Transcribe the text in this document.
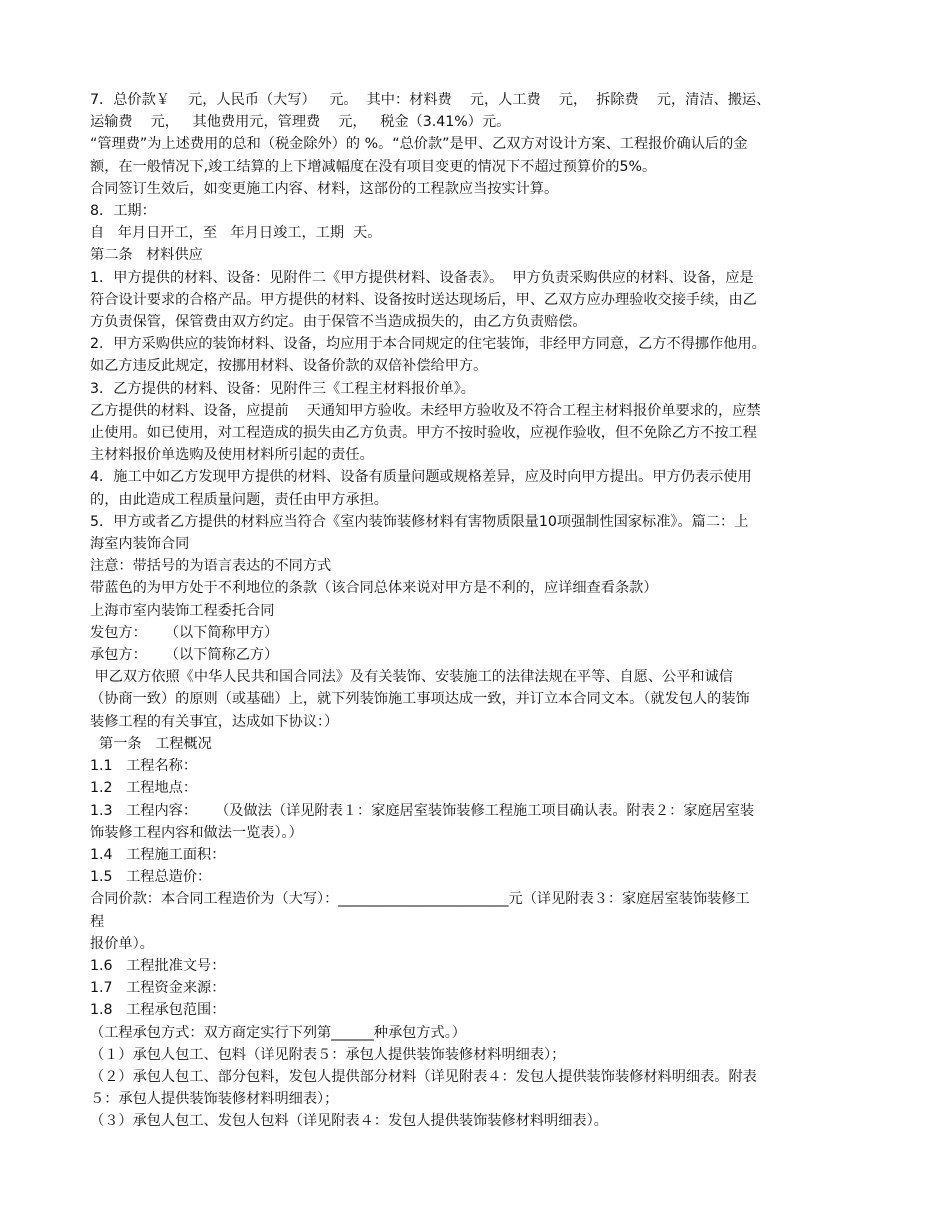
7．总价款￥    元，人民币（大写）   元。  其中：材料费    元，人工费    元，  拆除费    元，清洁、搬运、
运输费    元，   其他费用元，管理费    元，   税金（3.41%）元。
“管理费”为上述费用的总和（税金除外）的 %。“总价款”是甲、乙双方对设计方案、工程报价确认后的金
额，在一般情况下,竣工结算的上下增减幅度在没有项目变更的情况下不超过预算价的5%。
合同签订生效后，如变更施工内容、材料，这部份的工程款应当按实计算。
8．工期：
自   年月日开工，至   年月日竣工，工期  天。
第二条   材料供应
1．甲方提供的材料、设备：见附件二《甲方提供材料、设备表》。  甲方负责采购供应的材料、设备，应是
符合设计要求的合格产品。甲方提供的材料、设备按时送达现场后，甲、乙双方应办理验收交接手续，由乙
方负责保管，保管费由双方约定。由于保管不当造成损失的，由乙方负责赔偿。
2．甲方采购供应的装饰材料、设备，均应用于本合同规定的住宅装饰，非经甲方同意，乙方不得挪作他用。
如乙方违反此规定，按挪用材料、设备价款的双倍补偿给甲方。
3．乙方提供的材料、设备：见附件三《工程主材料报价单》。
乙方提供的材料、设备，应提前    天通知甲方验收。未经甲方验收及不符合工程主材料报价单要求的，应禁
止使用。如已使用，对工程造成的损失由乙方负责。甲方不按时验收，应视作验收，但不免除乙方不按工程
主材料报价单选购及使用材料所引起的责任。
4．施工中如乙方发现甲方提供的材料、设备有质量问题或规格差异，应及时向甲方提出。甲方仍表示使用
的，由此造成工程质量问题，责任由甲方承担。
5．甲方或者乙方提供的材料应当符合《室内装饰装修材料有害物质限量10项强制性国家标准》。篇二：上
海室内装饰合同
注意：带括号的为语言表达的不同方式
带蓝色的为甲方处于不利地位的条款（该合同总体来说对甲方是不利的，应详细查看条款）
上海市室内装饰工程委托合同
发包方：    （以下简称甲方）
承包方：    （以下简称乙方）
甲乙双方依照《中华人民共和国合同法》及有关装饰、安装施工的法律法规在平等、自愿、公平和诚信
（协商一致）的原则（或基础）上，就下列装饰施工事项达成一致，并订立本合同文本。（就发包人的装饰
装修工程的有关事宜，达成如下协议：）
第一条   工程概况
1.1   工程名称：
1.2   工程地点：
1.3   工程内容：    （及做法（详见附表１：家庭居室装饰装修工程施工项目确认表。附表２：家庭居室装
饰装修工程内容和做法一览表）。）
1.4   工程施工面积：
1.5   工程总造价：
合同价款：本合同工程造价为（大写）：________________________元（详见附表３：家庭居室装饰装修工
程
报价单）。
1.6   工程批准文号：
1.7   工程资金来源：
1.8   工程承包范围：
（工程承包方式：双方商定实行下列第______种承包方式。）
（１）承包人包工、包料（详见附表５：承包人提供装饰装修材料明细表）；
（２）承包人包工、部分包料，发包人提供部分材料（详见附表４：发包人提供装饰装修材料明细表。附表
５：承包人提供装饰装修材料明细表）；
（３）承包人包工、发包人包料（详见附表４：发包人提供装饰装修材料明细表）。
